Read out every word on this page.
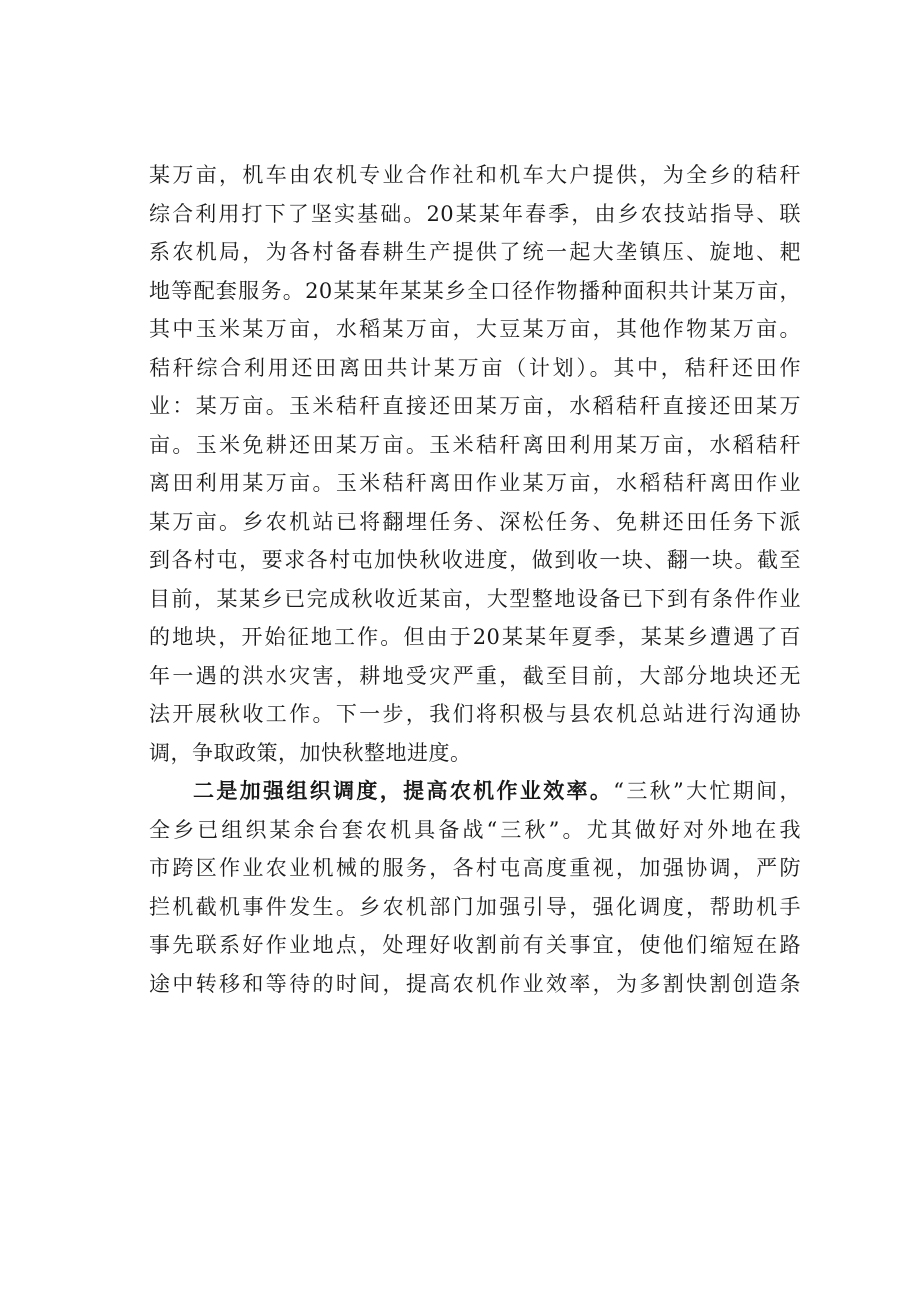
某万亩，机车由农机专业合作社和机车大户提供，为全乡的秸秆
综合利用打下了坚实基础。20某某年春季，由乡农技站指导、联
系农机局，为各村备春耕生产提供了统一起大垄镇压、旋地、耙
地等配套服务。20某某年某某乡全口径作物播种面积共计某万亩，
其中玉米某万亩，水稻某万亩，大豆某万亩，其他作物某万亩。
秸秆综合利用还田离田共计某万亩（计划）。其中，秸秆还田作
业：某万亩。玉米秸秆直接还田某万亩，水稻秸秆直接还田某万
亩。玉米免耕还田某万亩。玉米秸秆离田利用某万亩，水稻秸秆
离田利用某万亩。玉米秸秆离田作业某万亩，水稻秸秆离田作业
某万亩。乡农机站已将翻埋任务、深松任务、免耕还田任务下派
到各村屯，要求各村屯加快秋收进度，做到收一块、翻一块。截至
目前，某某乡已完成秋收近某亩，大型整地设备已下到有条件作业
的地块，开始征地工作。但由于20某某年夏季，某某乡遭遇了百
年一遇的洪水灾害，耕地受灾严重，截至目前，大部分地块还无
法开展秋收工作。下一步，我们将积极与县农机总站进行沟通协
调，争取政策，加快秋整地进度。
二是加强组织调度，提高农机作业效率。“三秋”大忙期间，
全乡已组织某余台套农机具备战“三秋”。尤其做好对外地在我
市跨区作业农业机械的服务，各村屯高度重视，加强协调，严防
拦机截机事件发生。乡农机部门加强引导，强化调度，帮助机手
事先联系好作业地点，处理好收割前有关事宜，使他们缩短在路
途中转移和等待的时间，提高农机作业效率，为多割快割创造条
